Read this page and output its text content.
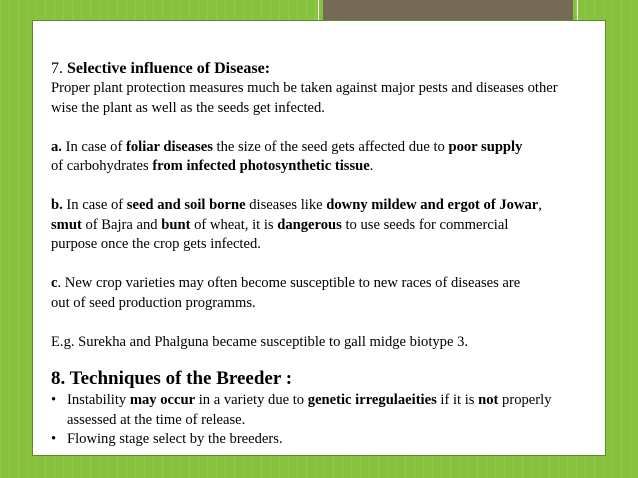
7. Selective influence of Disease:

Proper plant protection measures much be taken against major pests and diseases other

wise the plant as well as the seeds get infected.

a. In case of foliar diseases the size of the seed gets affected due to poor supply

of carbohydrates from infected photosynthetic tissue.

b. In case of seed and soil borne diseases like downy mildew and ergot of Jowar,

smut of Bajra and bunt of wheat, it is dangerous to use seeds for commercial

purpose once the crop gets infected.

c. New crop varieties may often become susceptible to new races of diseases are

out of seed production programms.

E.g. Surekha and Phalguna became susceptible to gall midge biotype 3.

8. Techniques of the Breeder :

• Instability may occur in a variety due to genetic irregulaeities if it is not properly

assessed at the time of release.

• Flowing stage select by the breeders.
